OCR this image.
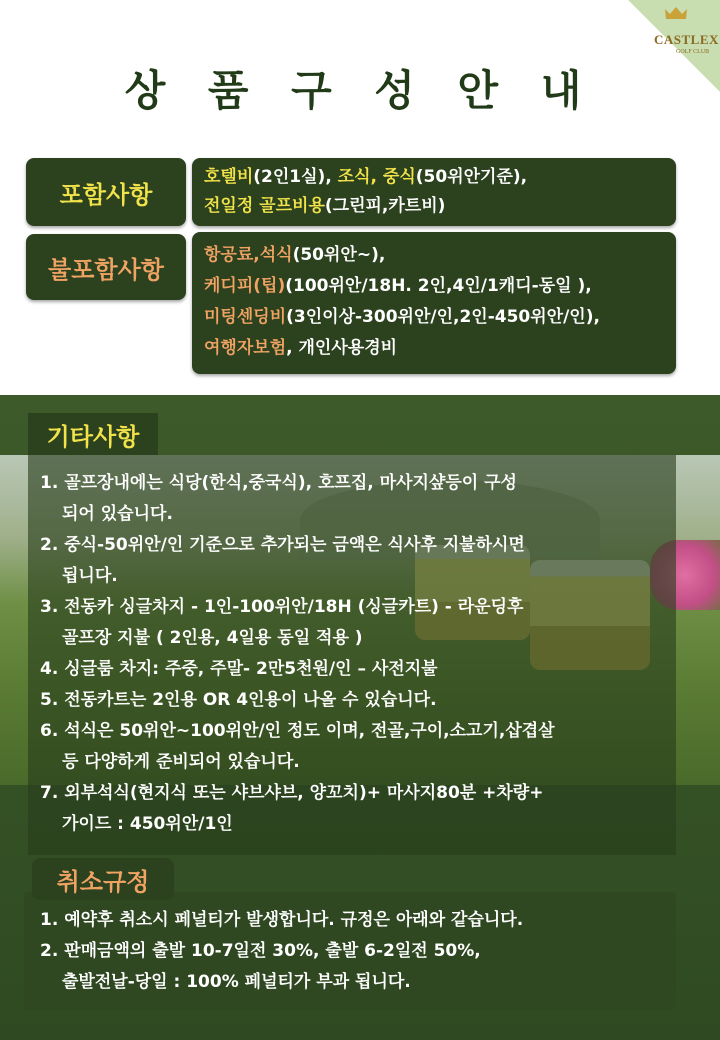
CASTLEX
GOLF CLUB
상 품 구 성 안 내
포함사항
호텔비(2인1실), 조식, 중식(50위안기준),
전일정 골프비용(그린피,카트비)
불포함사항
항공료,석식(50위안~),
케디피(팁)(100위안/18H. 2인,4인/1캐디-동일 ),
미팅센딩비(3인이상-300위안/인,2인-450위안/인),
여행자보험, 개인사용경비
기타사항
1. 골프장내에는 식당(한식,중국식), 호프집, 마사지샾등이 구성
되어 있습니다.
2. 중식-50위안/인 기준으로 추가되는 금액은 식사후 지불하시면
됩니다.
3. 전동카 싱글차지 - 1인-100위안/18H (싱글카트) - 라운딩후
골프장 지불 ( 2인용, 4일용 동일 적용 )
4. 싱글룸 차지: 주중, 주말- 2만5천원/인 – 사전지불
5. 전동카트는 2인용 OR 4인용이 나올 수 있습니다.
6. 석식은 50위안~100위안/인 정도 이며, 전골,구이,소고기,삽겹살
등 다양하게 준비되어 있습니다.
7. 외부석식(현지식 또는 샤브샤브, 양꼬치)+ 마사지80분 +차량+
가이드 : 450위안/1인
취소규정
1. 예약후 취소시 페널티가 발생합니다. 규정은 아래와 같습니다.
2. 판매금액의 출발 10-7일전 30%, 출발 6-2일전 50%,
출발전날-당일 : 100% 페널티가 부과 됩니다.
